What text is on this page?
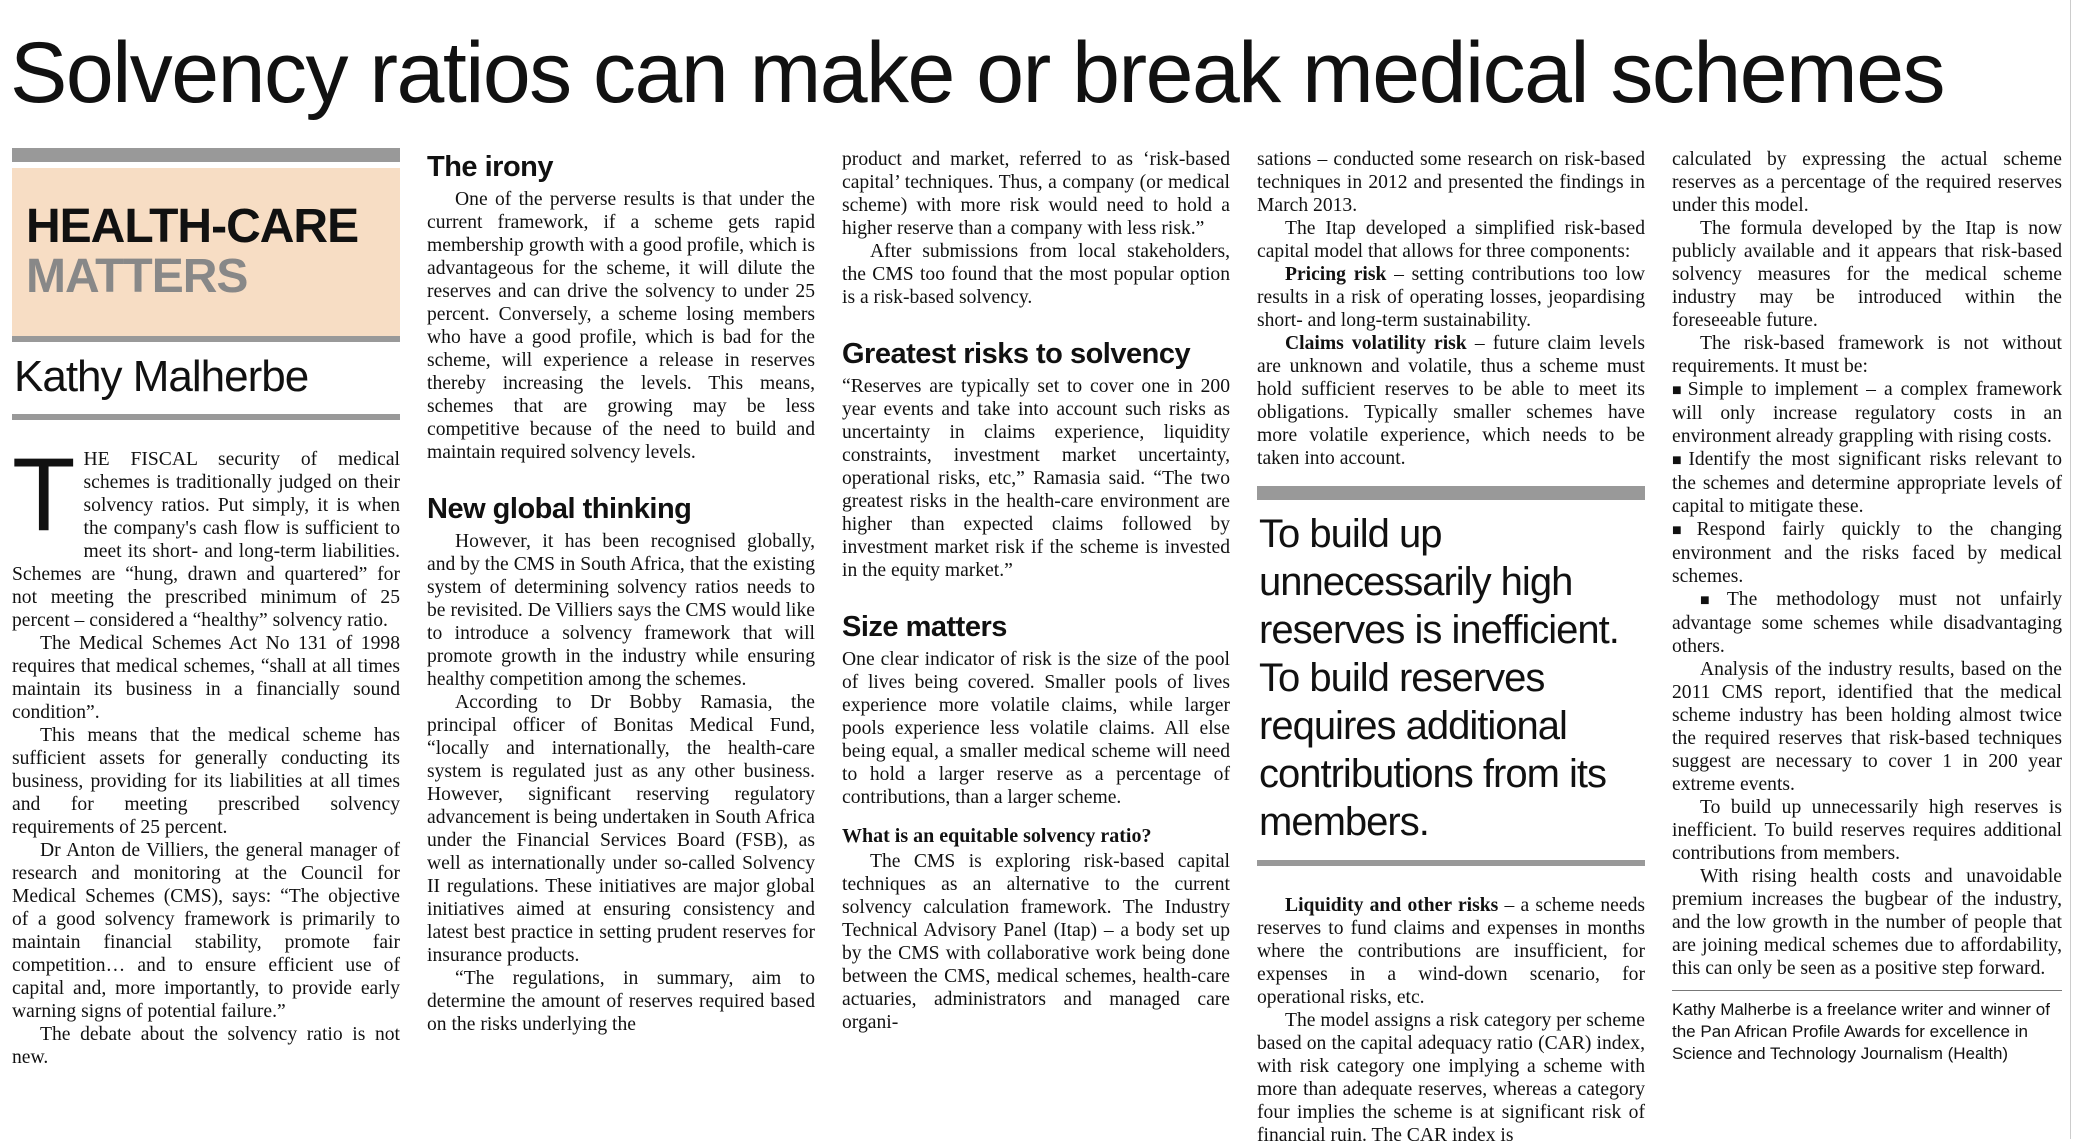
Solvency ratios can make or break medical schemes
HEALTH-CARE
MATTERS
Kathy Malherbe

THE FISCAL security of medical schemes is traditionally judged on their solvency ratios. Put simply, it is when the company's cash flow is sufficient to meet its short- and long-term liabilities. Schemes are “hung, drawn and quartered” for not meeting the prescribed minimum of 25 percent – considered a “healthy” solvency ratio.

The Medical Schemes Act No 131 of 1998 requires that medical schemes, “shall at all times maintain its business in a financially sound condition”.

This means that the medical scheme has sufficient assets for generally conducting its business, providing for its liabilities at all times and for meeting prescribed solvency requirements of 25 percent.

Dr Anton de Villiers, the general manager of research and monitoring at the Council for Medical Schemes (CMS), says: “The objective of a good solvency framework is primarily to maintain financial stability, promote fair competition… and to ensure efficient use of capital and, more importantly, to provide early warning signs of potential failure.”

The debate about the solvency ratio is not new.

The irony

One of the perverse results is that under the current framework, if a scheme gets rapid membership growth with a good profile, which is advantageous for the scheme, it will dilute the reserves and can drive the solvency to under 25 percent. Conversely, a scheme losing members who have a good profile, which is bad for the scheme, will experience a release in reserves thereby increasing the levels. This means, schemes that are growing may be less competitive because of the need to build and maintain required solvency levels.

New global thinking

However, it has been recognised globally, and by the CMS in South Africa, that the existing system of determining solvency ratios needs to be revisited. De Villiers says the CMS would like to introduce a solvency framework that will promote growth in the industry while ensuring healthy competition among the schemes.

According to Dr Bobby Ramasia, the principal officer of Bonitas Medical Fund, “locally and internationally, the health-care system is regulated just as any other business. However, significant reserving regulatory advancement is being undertaken in South Africa under the Financial Services Board (FSB), as well as internationally under so-called Solvency II regulations. These initiatives are major global initiatives aimed at ensuring consistency and latest best practice in setting prudent reserves for insurance products.

“The regulations, in summary, aim to determine the amount of reserves required based on the risks underlying the

product and market, referred to as ‘risk-based capital’ techniques. Thus, a company (or medical scheme) with more risk would need to hold a higher reserve than a company with less risk.”

After submissions from local stakeholders, the CMS too found that the most popular option is a risk-based solvency.

Greatest risks to solvency

“Reserves are typically set to cover one in 200 year events and take into account such risks as uncertainty in claims experience, liquidity constraints, investment market uncertainty, operational risks, etc,” Ramasia said. “The two greatest risks in the health-care environment are higher than expected claims followed by investment market risk if the scheme is invested in the equity market.”

Size matters

One clear indicator of risk is the size of the pool of lives being covered. Smaller pools of lives experience more volatile claims, while larger pools experience less volatile claims. All else being equal, a smaller medical scheme will need to hold a larger reserve as a percentage of contributions, than a larger scheme.

What is an equitable solvency ratio?

The CMS is exploring risk-based capital techniques as an alternative to the current solvency calculation framework. The Industry Technical Advisory Panel (Itap) – a body set up by the CMS with collaborative work being done between the CMS, medical schemes, health-care actuaries, administrators and managed care organi-

sations – conducted some research on risk-based techniques in 2012 and presented the findings in March 2013.

The Itap developed a simplified risk-based capital model that allows for three components:

Pricing risk – setting contributions too low results in a risk of operating losses, jeopardising short- and long-term sustainability.

Claims volatility risk – future claim levels are unknown and volatile, thus a scheme must hold sufficient reserves to be able to meet its obligations. Typically smaller schemes have more volatile experience, which needs to be taken into account.

To build up unnecessarily high reserves is inefficient. To build reserves requires additional contributions from its members.

Liquidity and other risks – a scheme needs reserves to fund claims and expenses in months where the contributions are insufficient, for expenses in a wind-down scenario, for operational risks, etc.

The model assigns a risk category per scheme based on the capital adequacy ratio (CAR) index, with risk category one implying a scheme with more than adequate reserves, whereas a category four implies the scheme is at significant risk of financial ruin. The CAR index is

calculated by expressing the actual scheme reserves as a percentage of the required reserves under this model.

The formula developed by the Itap is now publicly available and it appears that risk-based solvency measures for the medical scheme industry may be introduced within the foreseeable future.

The risk-based framework is not without requirements. It must be:

■ Simple to implement – a complex framework will only increase regulatory costs in an environment already grappling with rising costs.

■ Identify the most significant risks relevant to the schemes and determine appropriate levels of capital to mitigate these.

■ Respond fairly quickly to the changing environment and the risks faced by medical schemes.

■ The methodology must not unfairly advantage some schemes while disadvantaging others.

Analysis of the industry results, based on the 2011 CMS report, identified that the medical scheme industry has been holding almost twice the required reserves that risk-based techniques suggest are necessary to cover 1 in 200 year extreme events.

To build up unnecessarily high reserves is inefficient. To build reserves requires additional contributions from members.

With rising health costs and unavoidable premium increases the bugbear of the industry, and the low growth in the number of people that are joining medical schemes due to affordability, this can only be seen as a positive step forward.

Kathy Malherbe is a freelance writer and winner of the Pan African Profile Awards for excellence in Science and Technology Journalism (Health)
